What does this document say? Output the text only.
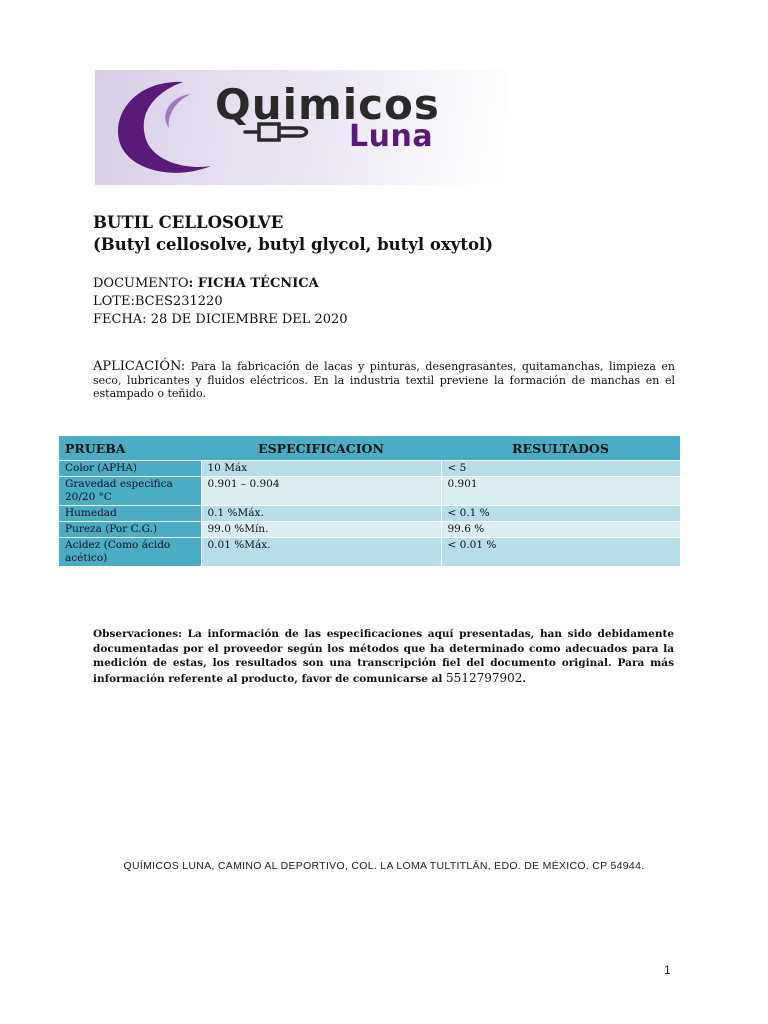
Quimicos

Luna

BUTIL CELLOSOLVE
(Butyl cellosolve, butyl glycol, butyl oxytol)
DOCUMENTO: FICHA TÉCNICA
LOTE:BCES231220
FECHA: 28 DE DICIEMBRE DEL 2020

APLICACIÓN: Para la fabricación de lacas y pinturas, desengrasantes, quitamanchas, limpieza en seco, lubricantes y fluidos eléctricos. En la industria textil previene la formación de manchas en el estampado o teñido.

PRUEBA	ESPECIFICACION	RESULTADOS
Color (APHA)	10 Máx	< 5
Gravedad especifica 20/20 °C	0.901 – 0.904	0.901
Humedad	0.1 %Máx.	< 0.1 %
Pureza (Por C.G.)	99.0 %Mín.	99.6 %
Acidez (Como ácido acético)	0.01 %Máx.	< 0.01 %

Observaciones: La información de las especificaciones aquí presentadas, han sido debidamente documentadas por el proveedor según los métodos que ha determinado como adecuados para la medición de estas, los resultados son una transcripción fiel del documento original. Para más información referente al producto, favor de comunicarse al 5512797902.

QUÍMICOS LUNA, CAMINO AL DEPORTIVO, COL. LA LOMA TULTITLÁN, EDO. DE MÉXICO. CP 54944.

1
